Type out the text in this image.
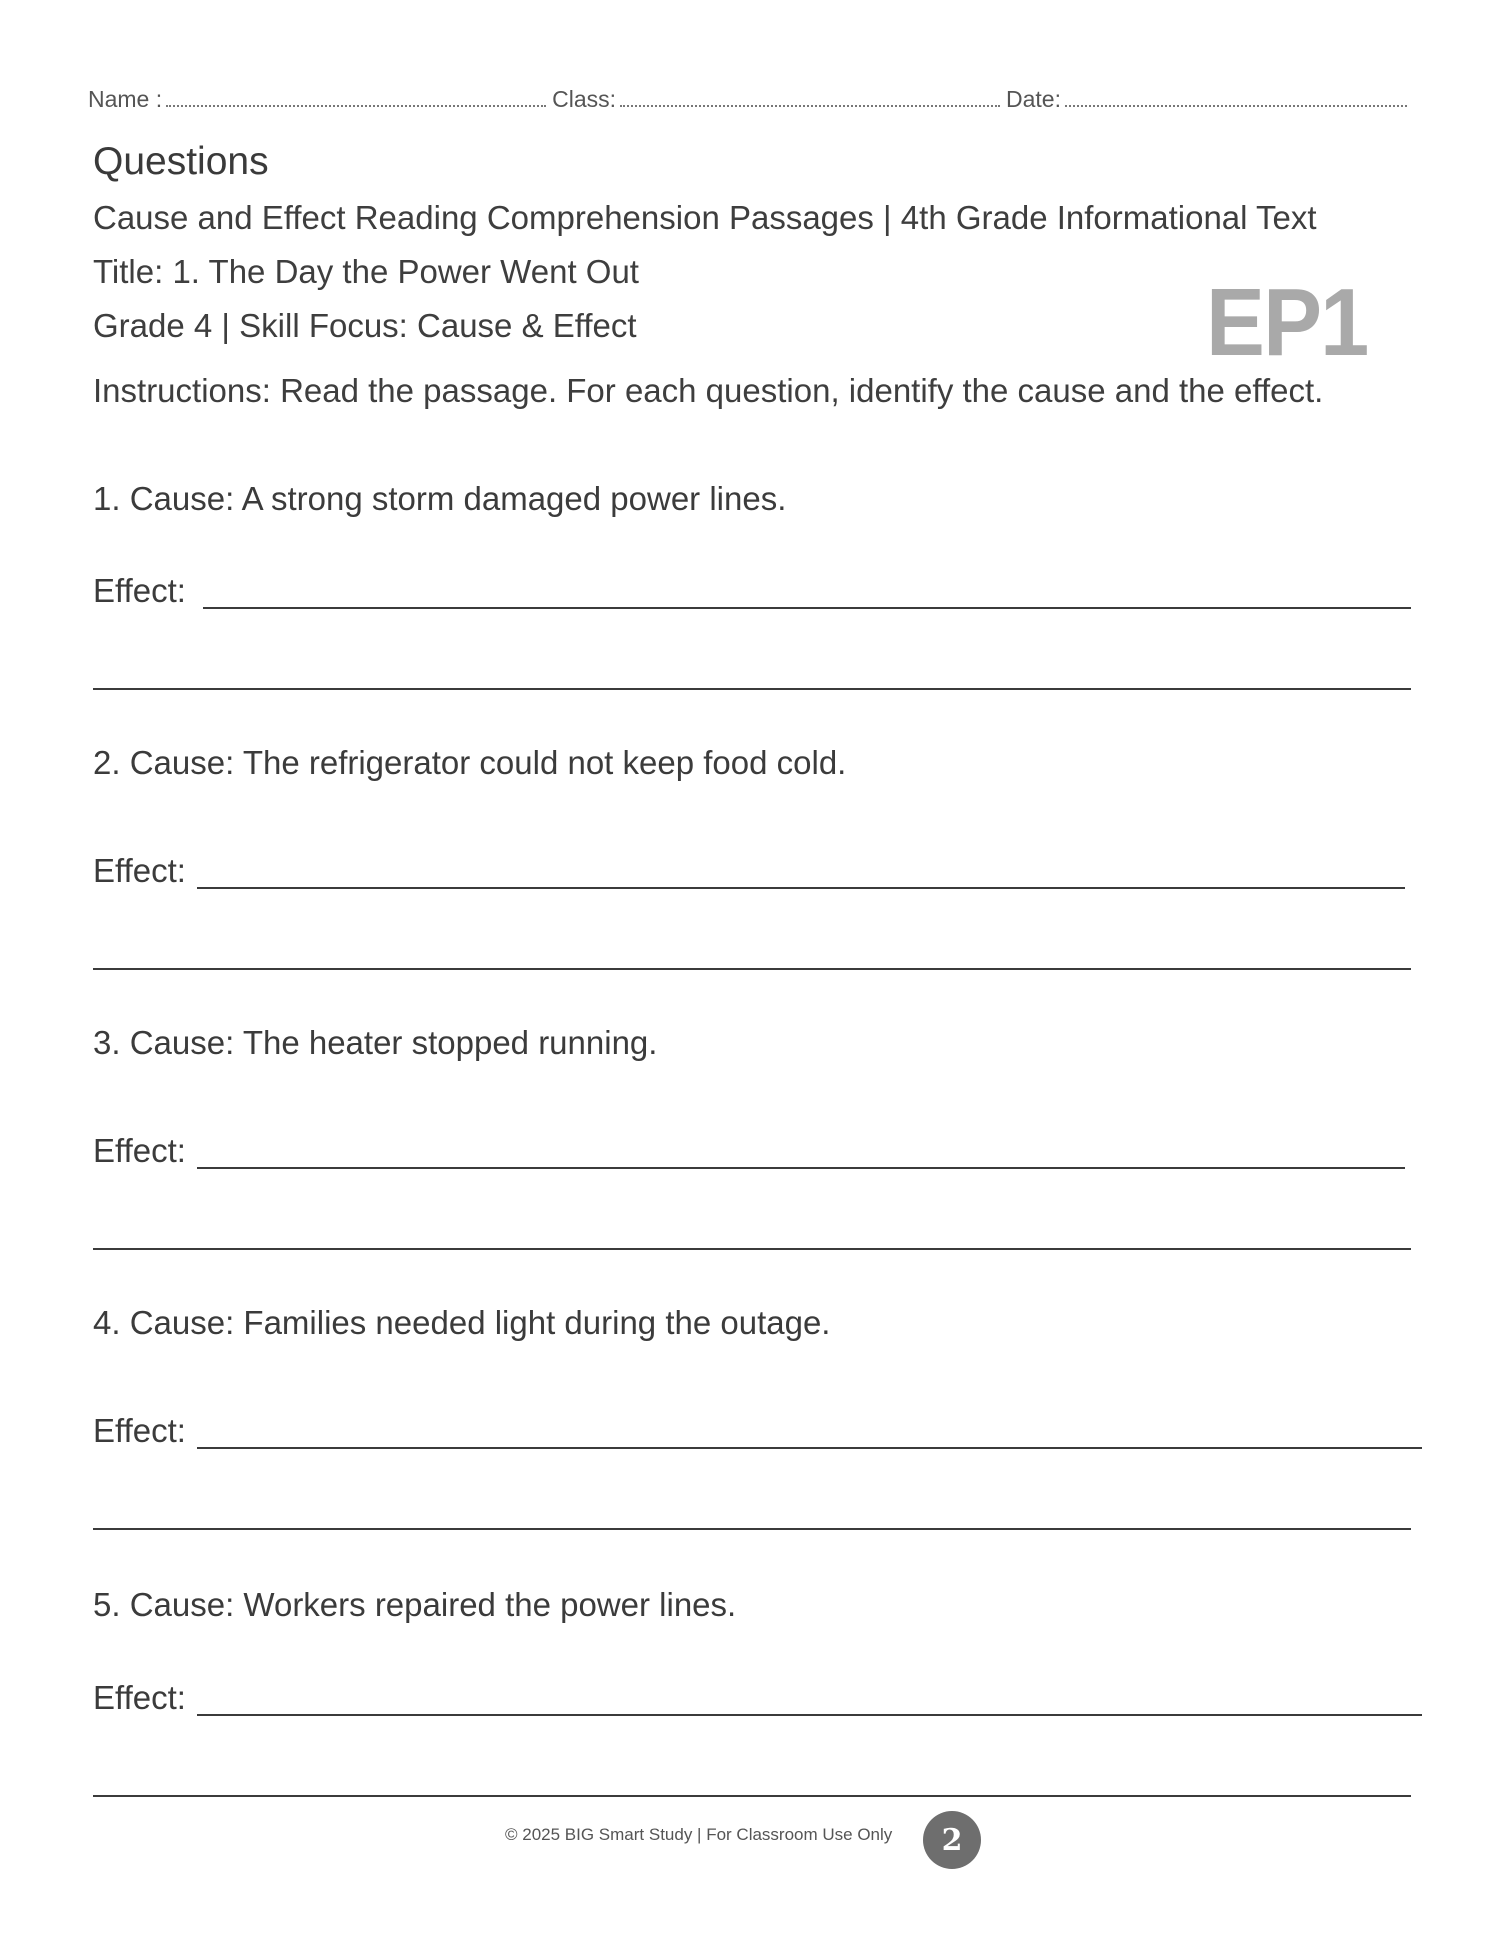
Name :	Class:	Date:
Questions
Cause and Effect Reading Comprehension Passages | 4th Grade Informational Text
Title: 1. The Day the Power Went Out
Grade 4 | Skill Focus: Cause & Effect	EP1
Instructions: Read the passage. For each question, identify the cause and the effect.
1. Cause: A strong storm damaged power lines.
Effect:
2. Cause: The refrigerator could not keep food cold.
Effect:
3. Cause: The heater stopped running.
Effect:
4. Cause: Families needed light during the outage.
Effect:
5. Cause: Workers repaired the power lines.
Effect:
© 2025 BIG Smart Study | For Classroom Use Only	2
